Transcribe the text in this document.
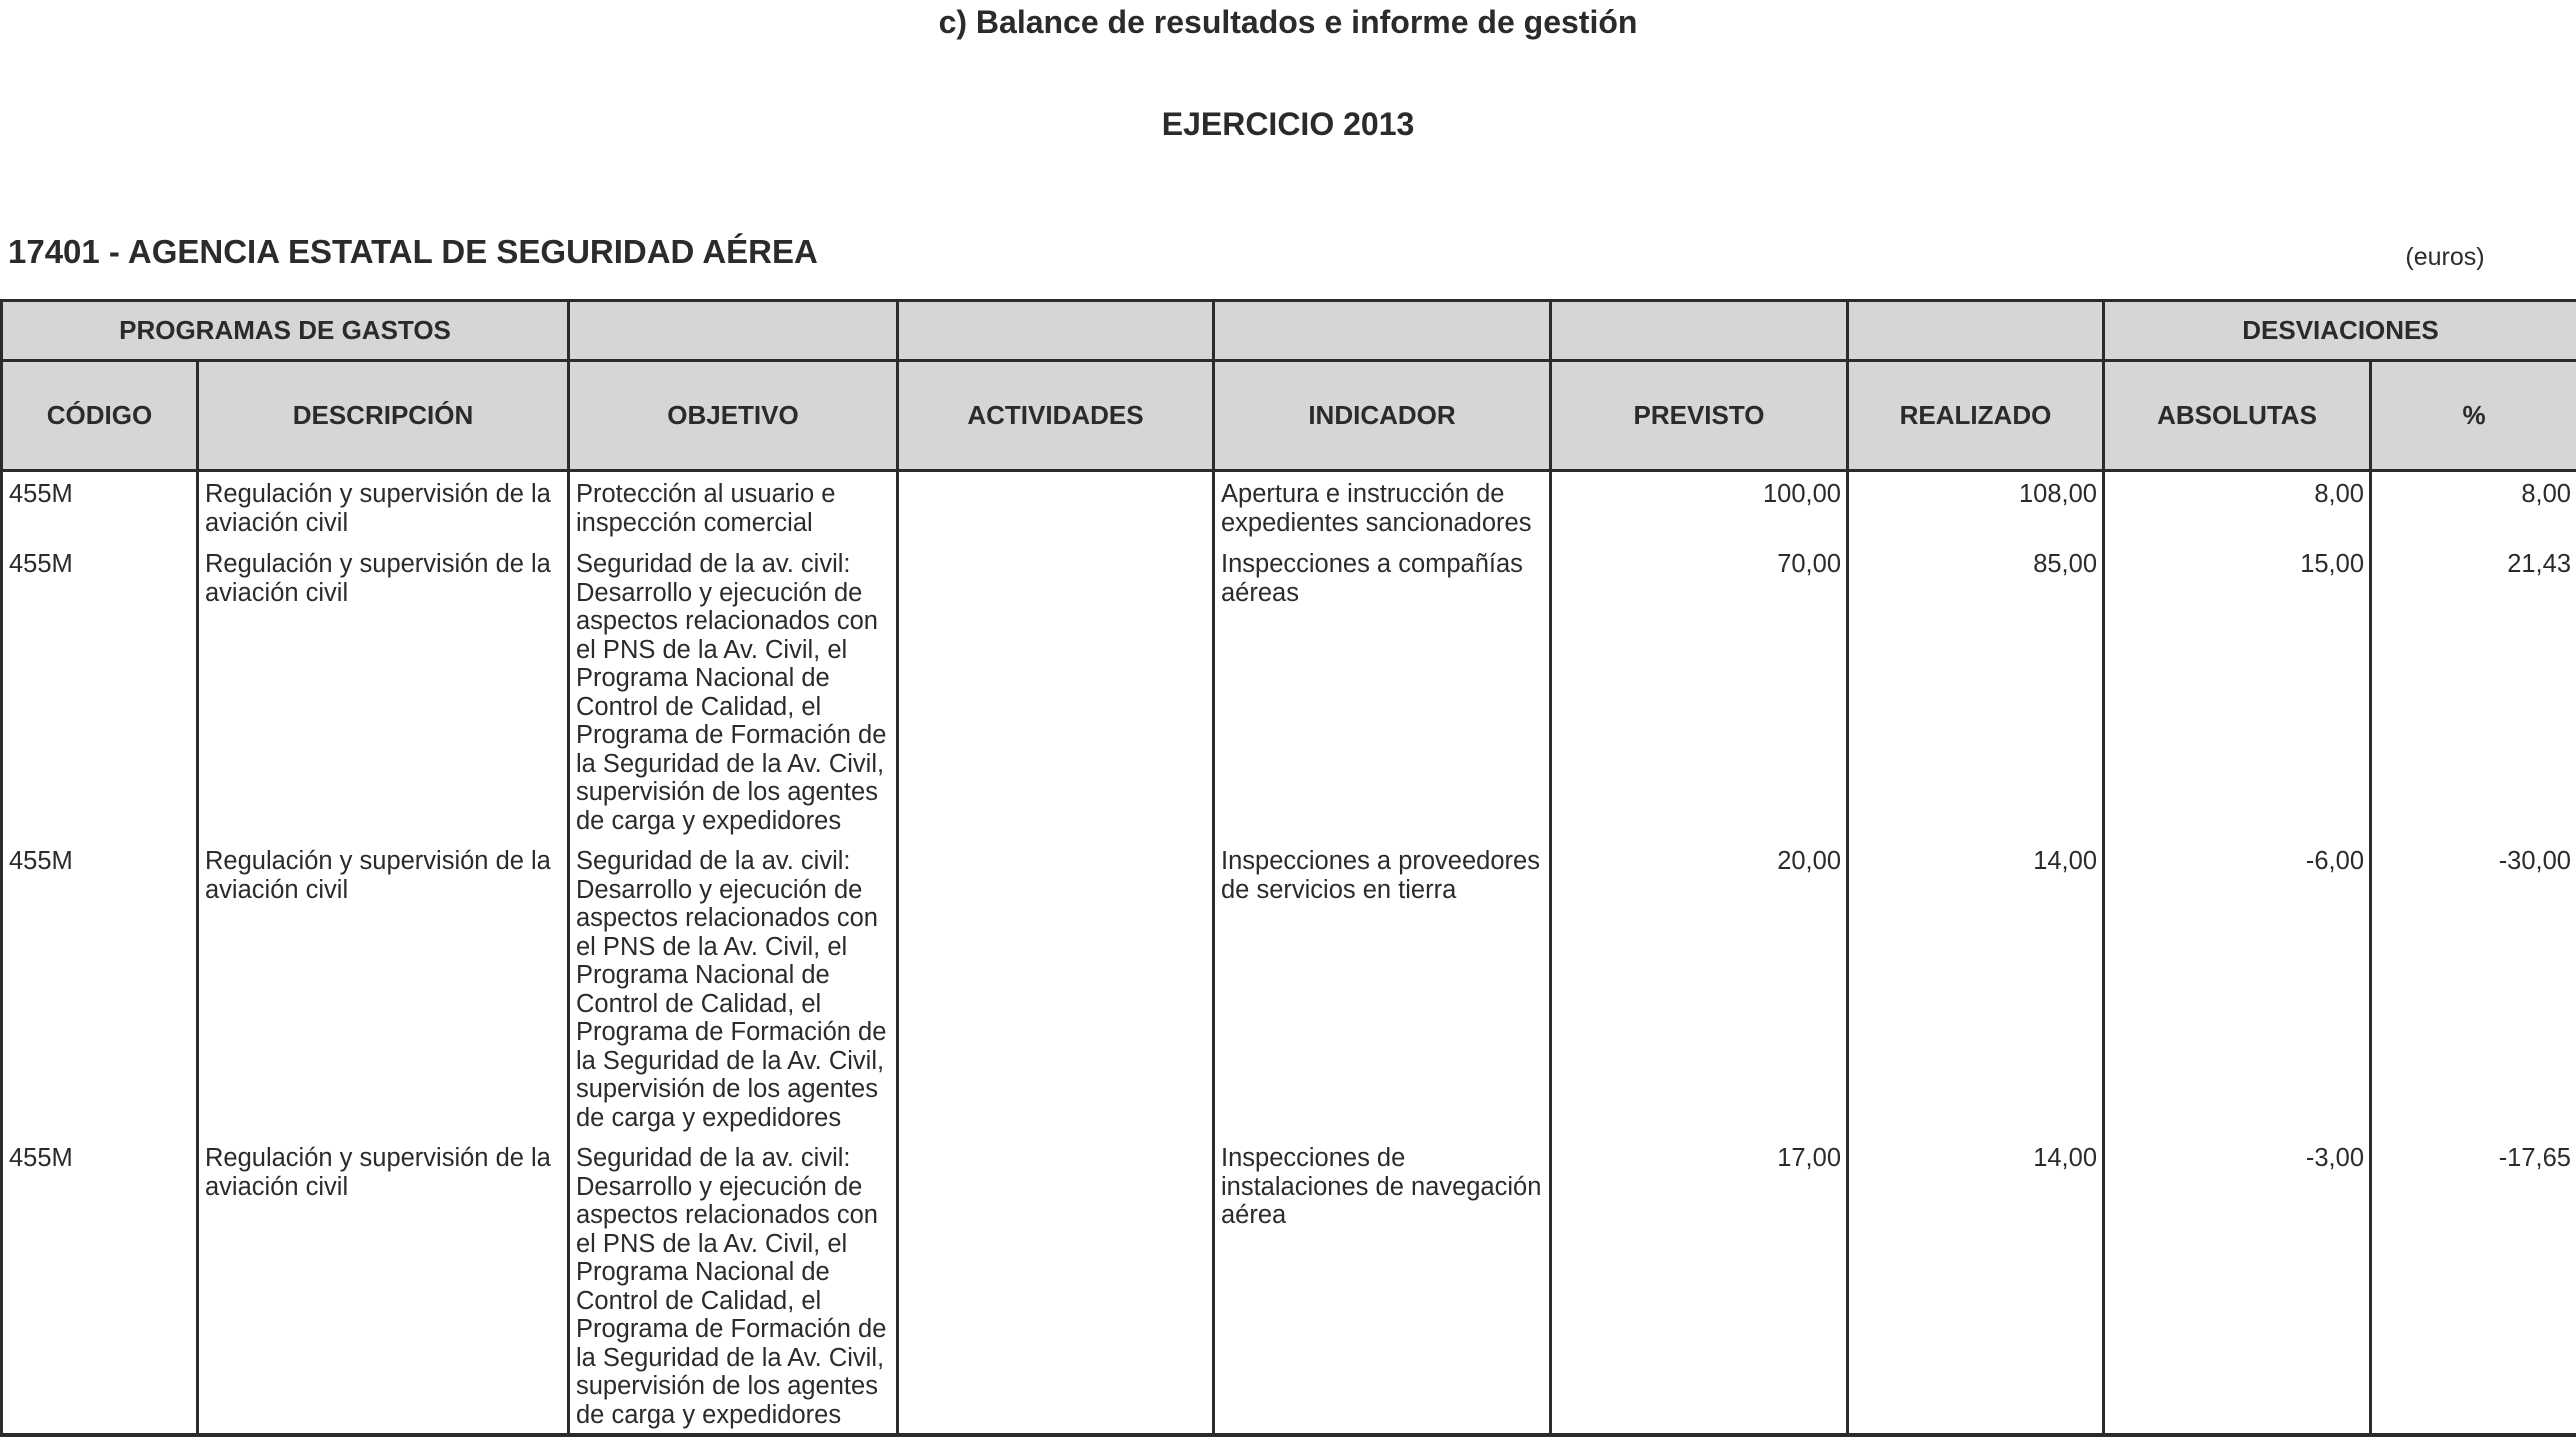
c) Balance de resultados e informe de gestión
EJERCICIO 2013
17401 - AGENCIA ESTATAL DE SEGURIDAD AÉREA	(euros)
PROGRAMAS DE GASTOS							DESVIACIONES	
CÓDIGO	DESCRIPCIÓN	OBJETIVO	ACTIVIDADES	INDICADOR	PREVISTO	REALIZADO	ABSOLUTAS	%
455M	Regulación y supervisión de la aviación civil	Protección al usuario e inspección comercial		Apertura e instrucción de expedientes sancionadores	100,00	108,00	8,00	8,00
455M	Regulación y supervisión de la aviación civil	Seguridad de la av. civil: Desarrollo y ejecución de aspectos relacionados con el PNS de la Av. Civil, el Programa Nacional de Control de Calidad, el Programa de Formación de la Seguridad de la Av. Civil, supervisión de los agentes de carga y expedidores		Inspecciones a compañías aéreas	70,00	85,00	15,00	21,43
455M	Regulación y supervisión de la aviación civil	Seguridad de la av. civil: Desarrollo y ejecución de aspectos relacionados con el PNS de la Av. Civil, el Programa Nacional de Control de Calidad, el Programa de Formación de la Seguridad de la Av. Civil, supervisión de los agentes de carga y expedidores		Inspecciones a proveedores de servicios en tierra	20,00	14,00	-6,00	-30,00
455M	Regulación y supervisión de la aviación civil	Seguridad de la av. civil: Desarrollo y ejecución de aspectos relacionados con el PNS de la Av. Civil, el Programa Nacional de Control de Calidad, el Programa de Formación de la Seguridad de la Av. Civil, supervisión de los agentes de carga y expedidores		Inspecciones de instalaciones de navegación aérea	17,00	14,00	-3,00	-17,65
